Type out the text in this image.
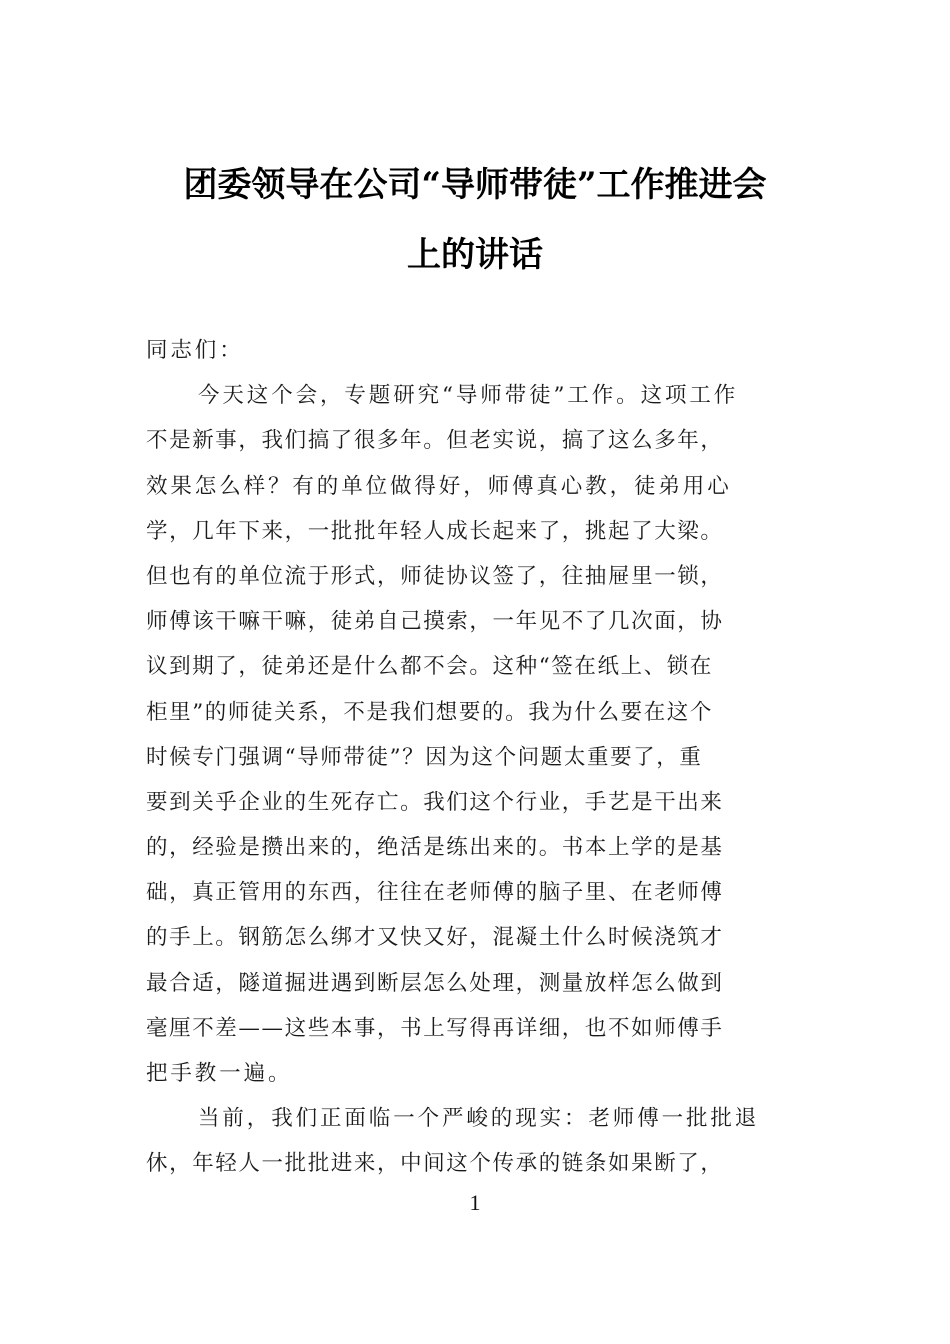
团委领导在公司“导师带徒”工作推进会
上的讲话
同志们：
今天这个会，专题研究“导师带徒”工作。这项工作
不是新事，我们搞了很多年。但老实说，搞了这么多年，
效果怎么样？有的单位做得好，师傅真心教，徒弟用心
学，几年下来，一批批年轻人成长起来了，挑起了大梁。
但也有的单位流于形式，师徒协议签了，往抽屉里一锁，
师傅该干嘛干嘛，徒弟自己摸索，一年见不了几次面，协
议到期了，徒弟还是什么都不会。这种“签在纸上、锁在
柜里”的师徒关系，不是我们想要的。我为什么要在这个
时候专门强调“导师带徒”？因为这个问题太重要了，重
要到关乎企业的生死存亡。我们这个行业，手艺是干出来
的，经验是攒出来的，绝活是练出来的。书本上学的是基
础，真正管用的东西，往往在老师傅的脑子里、在老师傅
的手上。钢筋怎么绑才又快又好，混凝土什么时候浇筑才
最合适，隧道掘进遇到断层怎么处理，测量放样怎么做到
毫厘不差——这些本事，书上写得再详细，也不如师傅手
把手教一遍。
当前，我们正面临一个严峻的现实：老师傅一批批退
休，年轻人一批批进来，中间这个传承的链条如果断了，
1
